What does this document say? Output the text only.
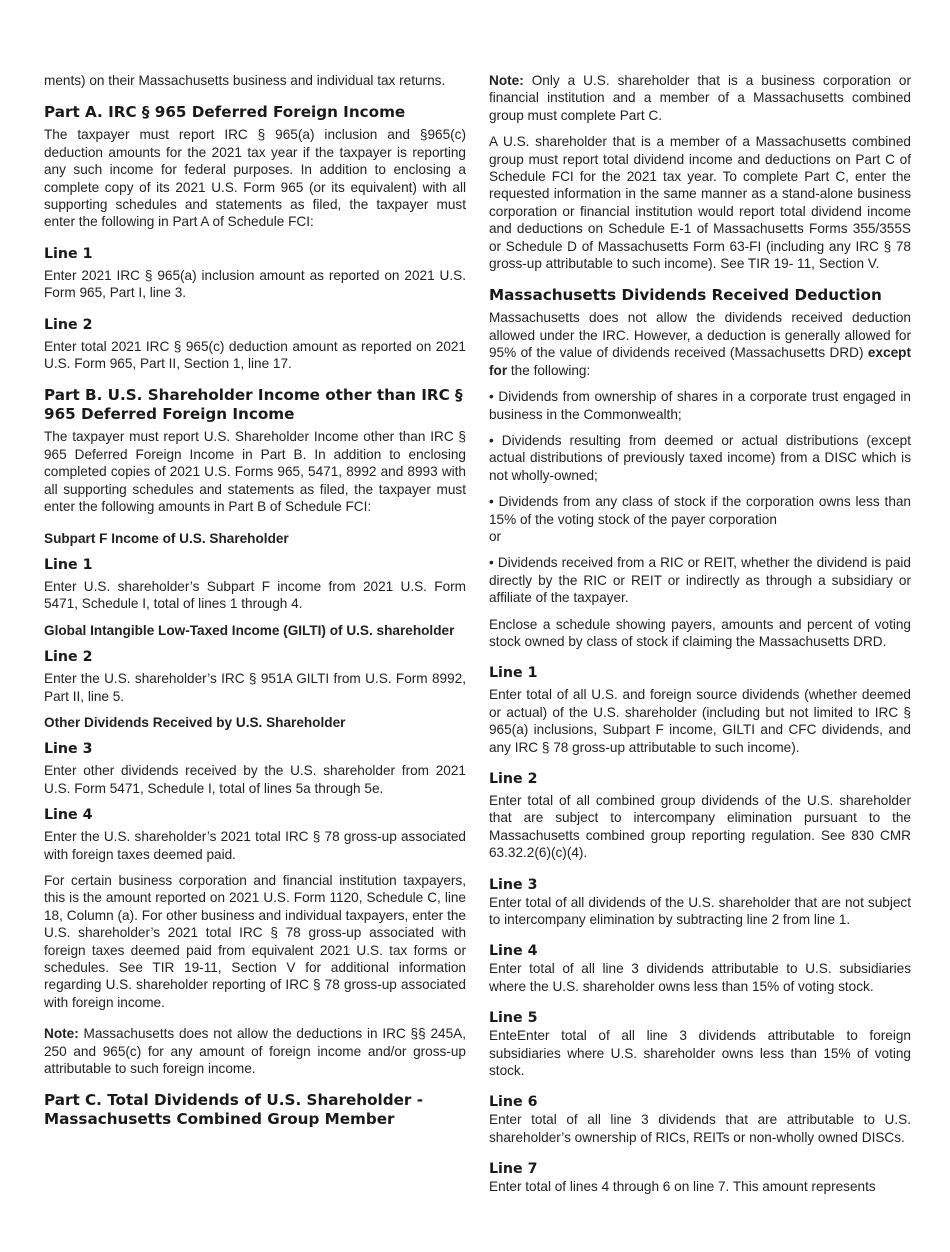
ments) on their Massachusetts business and individual tax returns.

Part A. IRC § 965 Deferred Foreign Income

The taxpayer must report IRC § 965(a) inclusion and §965(c) deduction amounts for the 2021 tax year if the taxpayer is reporting any such income for federal purposes. In addition to enclosing a complete copy of its 2021 U.S. Form 965 (or its equivalent) with all supporting schedules and statements as filed, the taxpayer must enter the following in Part A of Schedule FCI:

Line 1

Enter 2021 IRC § 965(a) inclusion amount as reported on 2021 U.S. Form 965, Part I, line 3.

Line 2

Enter total 2021 IRC § 965(c) deduction amount as reported on 2021 U.S. Form 965, Part II, Section 1, line 17.

Part B. U.S. Shareholder Income other than IRC § 965 Deferred Foreign Income

The taxpayer must report U.S. Shareholder Income other than IRC § 965 Deferred Foreign Income in Part B. In addition to enclosing completed copies of 2021 U.S. Forms 965, 5471, 8992 and 8993 with all supporting schedules and statements as filed, the taxpayer must enter the following amounts in Part B of Schedule FCI:

Subpart F Income of U.S. Shareholder
Line 1

Enter U.S. shareholder’s Subpart F income from 2021 U.S. Form 5471, Schedule I, total of lines 1 through 4.

Global Intangible Low-Taxed Income (GILTI) of U.S. shareholder
Line 2

Enter the U.S. shareholder’s IRC § 951A GILTI from U.S. Form 8992, Part II, line 5.

Other Dividends Received by U.S. Shareholder
Line 3

Enter other dividends received by the U.S. shareholder from 2021 U.S. Form 5471, Schedule I, total of lines 5a through 5e.

Line 4

Enter the U.S. shareholder’s 2021 total IRC § 78 gross-up associated with foreign taxes deemed paid.

For certain business corporation and financial institution taxpayers, this is the amount reported on 2021 U.S. Form 1120, Schedule C, line 18, Column (a). For other business and individual taxpayers, enter the U.S. shareholder’s 2021 total IRC § 78 gross-up associated with foreign taxes deemed paid from equivalent 2021 U.S. tax forms or schedules. See TIR 19-11, Section V for additional information regarding U.S. shareholder reporting of IRC § 78 gross-up associated with foreign income.

Note: Massachusetts does not allow the deductions in IRC §§ 245A, 250 and 965(c) for any amount of foreign income and/or gross-up attributable to such foreign income.

Part C. Total Dividends of U.S. Shareholder - Massachusetts Combined Group Member

Note: Only a U.S. shareholder that is a business corporation or financial institution and a member of a Massachusetts combined group must complete Part C.

A U.S. shareholder that is a member of a Massachusetts combined group must report total dividend income and deductions on Part C of Schedule FCI for the 2021 tax year. To complete Part C, enter the requested information in the same manner as a stand-alone business corporation or financial institution would report total dividend income and deductions on Schedule E-1 of Massachusetts Forms 355/355S or Schedule D of Massachusetts Form 63-FI (including any IRC § 78 gross-up attributable to such income). See TIR 19- 11, Section V.

Massachusetts Dividends Received Deduction

Massachusetts does not allow the dividends received deduction allowed under the IRC. However, a deduction is generally allowed for 95% of the value of dividends received (Massachusetts DRD) except for the following:

• Dividends from ownership of shares in a corporate trust engaged in business in the Commonwealth;

• Dividends resulting from deemed or actual distributions (except actual distributions of previously taxed income) from a DISC which is not wholly-owned;

• Dividends from any class of stock if the corporation owns less than 15% of the voting stock of the payer corporation

or

• Dividends received from a RIC or REIT, whether the dividend is paid directly by the RIC or REIT or indirectly as through a subsidiary or affiliate of the taxpayer.

Enclose a schedule showing payers, amounts and percent of voting stock owned by class of stock if claiming the Massachusetts DRD.

Line 1

Enter total of all U.S. and foreign source dividends (whether deemed or actual) of the U.S. shareholder (including but not limited to IRC § 965(a) inclusions, Subpart F income, GILTI and CFC dividends, and any IRC § 78 gross-up attributable to such income).

Line 2

Enter total of all combined group dividends of the U.S. shareholder that are subject to intercompany elimination pursuant to the Massachusetts combined group reporting regulation. See 830 CMR 63.32.2(6)(c)(4).

Line 3

Enter total of all dividends of the U.S. shareholder that are not subject to intercompany elimination by subtracting line 2 from line 1.

Line 4

Enter total of all line 3 dividends attributable to U.S. subsidiaries where the U.S. shareholder owns less than 15% of voting stock.

Line 5

EnteEnter total of all line 3 dividends attributable to foreign subsidiaries where U.S. shareholder owns less than 15% of voting stock.

Line 6

Enter total of all line 3 dividends that are attributable to U.S. shareholder’s ownership of RICs, REITs or non-wholly owned DISCs.

Line 7

Enter total of lines 4 through 6 on line 7. This amount represents
